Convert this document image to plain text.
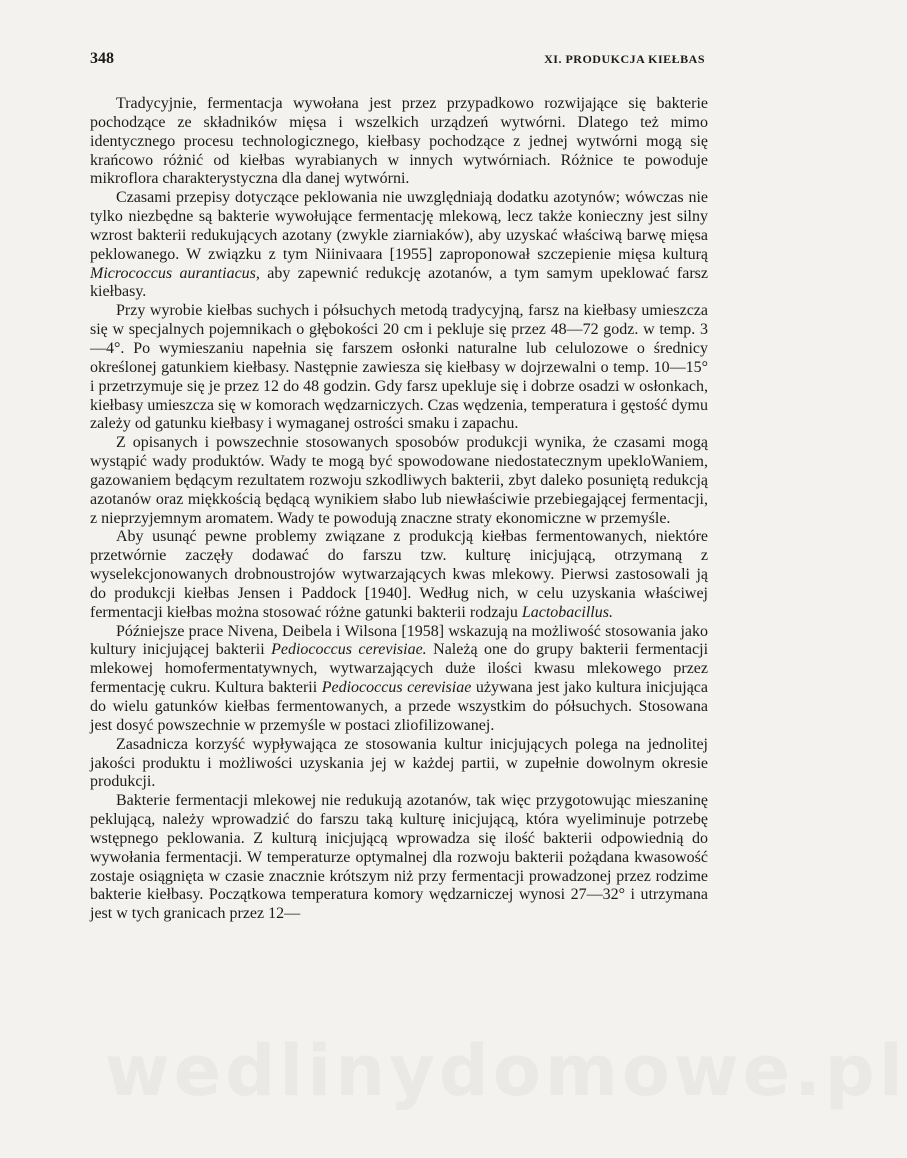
348	XI. PRODUKCJA KIEŁBAS

Tradycyjnie, fermentacja wywołana jest przez przypadkowo rozwijające się bakterie pochodzące ze składników mięsa i wszelkich urządzeń wytwórni. Dlatego też mimo identycznego procesu technologicznego, kiełbasy pochodzące z jednej wytwórni mogą się krańcowo różnić od kiełbas wyrabianych w innych wytwórniach. Różnice te powoduje mikroflora charakterystyczna dla danej wytwórni.

Czasami przepisy dotyczące peklowania nie uwzględniają dodatku azotynów; wówczas nie tylko niezbędne są bakterie wywołujące fermentację mlekową, lecz także konieczny jest silny wzrost bakterii redukujących azotany (zwykle ziarniaków), aby uzyskać właściwą barwę mięsa peklowanego. W związku z tym Niinivaara [1955] zaproponował szczepienie mięsa kulturą Micrococcus aurantiacus, aby zapewnić redukcję azotanów, a tym samym upeklować farsz kiełbasy.

Przy wyrobie kiełbas suchych i półsuchych metodą tradycyjną, farsz na kiełbasy umieszcza się w specjalnych pojemnikach o głębokości 20 cm i pekluje się przez 48—72 godz. w temp. 3—4°. Po wymieszaniu napełnia się farszem osłonki naturalne lub celulozowe o średnicy określonej gatunkiem kiełbasy. Następnie zawiesza się kiełbasy w dojrzewalni o temp. 10—15° i przetrzymuje się je przez 12 do 48 godzin. Gdy farsz upekluje się i dobrze osadzi w osłonkach, kiełbasy umieszcza się w komorach wędzarniczych. Czas wędzenia, temperatura i gęstość dymu zależy od gatunku kiełbasy i wymaganej ostrości smaku i zapachu.

Z opisanych i powszechnie stosowanych sposobów produkcji wynika, że czasami mogą wystąpić wady produktów. Wady te mogą być spowodowane niedostatecznym upekloWaniem, gazowaniem będącym rezultatem rozwoju szkodliwych bakterii, zbyt daleko posuniętą redukcją azotanów oraz miękkością będącą wynikiem słabo lub niewłaściwie przebiegającej fermentacji, z nieprzyjemnym aromatem. Wady te powodują znaczne straty ekonomiczne w przemyśle.

Aby usunąć pewne problemy związane z produkcją kiełbas fermentowanych, niektóre przetwórnie zaczęły dodawać do farszu tzw. kulturę inicjującą, otrzymaną z wyselekcjonowanych drobnoustrojów wytwarzających kwas mlekowy. Pierwsi zastosowali ją do produkcji kiełbas Jensen i Paddock [1940]. Według nich, w celu uzyskania właściwej fermentacji kiełbas można stosować różne gatunki bakterii rodzaju Lactobacillus.

Późniejsze prace Nivena, Deibela i Wilsona [1958] wskazują na możliwość stosowania jako kultury inicjującej bakterii Pediococcus cerevisiae. Należą one do grupy bakterii fermentacji mlekowej homofermentatywnych, wytwarzających duże ilości kwasu mlekowego przez fermentację cukru. Kultura bakterii Pediococcus cerevisiae używana jest jako kultura inicjująca do wielu gatunków kiełbas fermentowanych, a przede wszystkim do półsuchych. Stosowana jest dosyć powszechnie w przemyśle w postaci zliofilizowanej.

Zasadnicza korzyść wypływająca ze stosowania kultur inicjujących polega na jednolitej jakości produktu i możliwości uzyskania jej w każdej partii, w zupełnie dowolnym okresie produkcji.

Bakterie fermentacji mlekowej nie redukują azotanów, tak więc przygotowując mieszaninę peklującą, należy wprowadzić do farszu taką kulturę inicjującą, która wyeliminuje potrzebę wstępnego peklowania. Z kulturą inicjującą wprowadza się ilość bakterii odpowiednią do wywołania fermentacji. W temperaturze optymalnej dla rozwoju bakterii pożądana kwasowość zostaje osiągnięta w czasie znacznie krótszym niż przy fermentacji prowadzonej przez rodzime bakterie kiełbasy. Początkowa temperatura komory wędzarniczej wynosi 27—32° i utrzymana jest w tych granicach przez 12—

wedlinydomowe.pl
